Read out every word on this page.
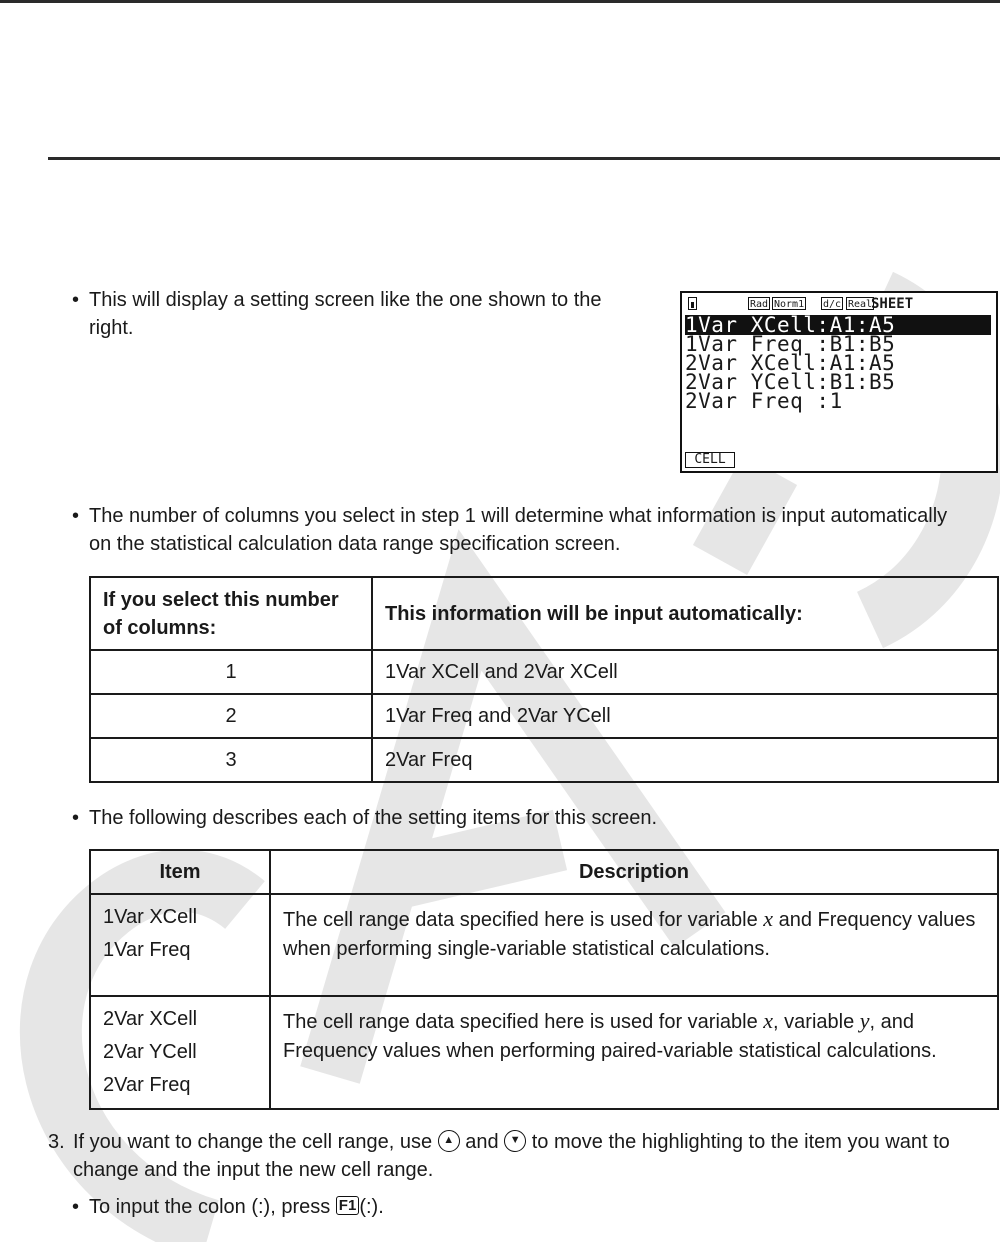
• This will display a setting screen like the one shown to the right.
Rad Norm1 d/c Real
SHEET
1Var XCell:A1:A5
1Var Freq :B1:B5
2Var XCell:A1:A5
2Var YCell:B1:B5
2Var Freq :1
CELL
• The number of columns you select in step 1 will determine what information is input automatically on the statistical calculation data range specification screen.
If you select this number of columns:	This information will be input automatically:
1	1Var XCell and 2Var XCell
2	1Var Freq and 2Var YCell
3	2Var Freq
• The following describes each of the setting items for this screen.
Item	Description

1Var XCell
1Var Freq	The cell range data specified here is used for variable x and Frequency values when performing single-variable statistical calculations.

2Var XCell
2Var YCell
2Var Freq	The cell range data specified here is used for variable x, variable y, and Frequency values when performing paired-variable statistical calculations.
3. If you want to change the cell range, use ▲ and ▼ to move the highlighting to the item you want to change and the input the new cell range.
• To input the colon (:), press F1 (:).
